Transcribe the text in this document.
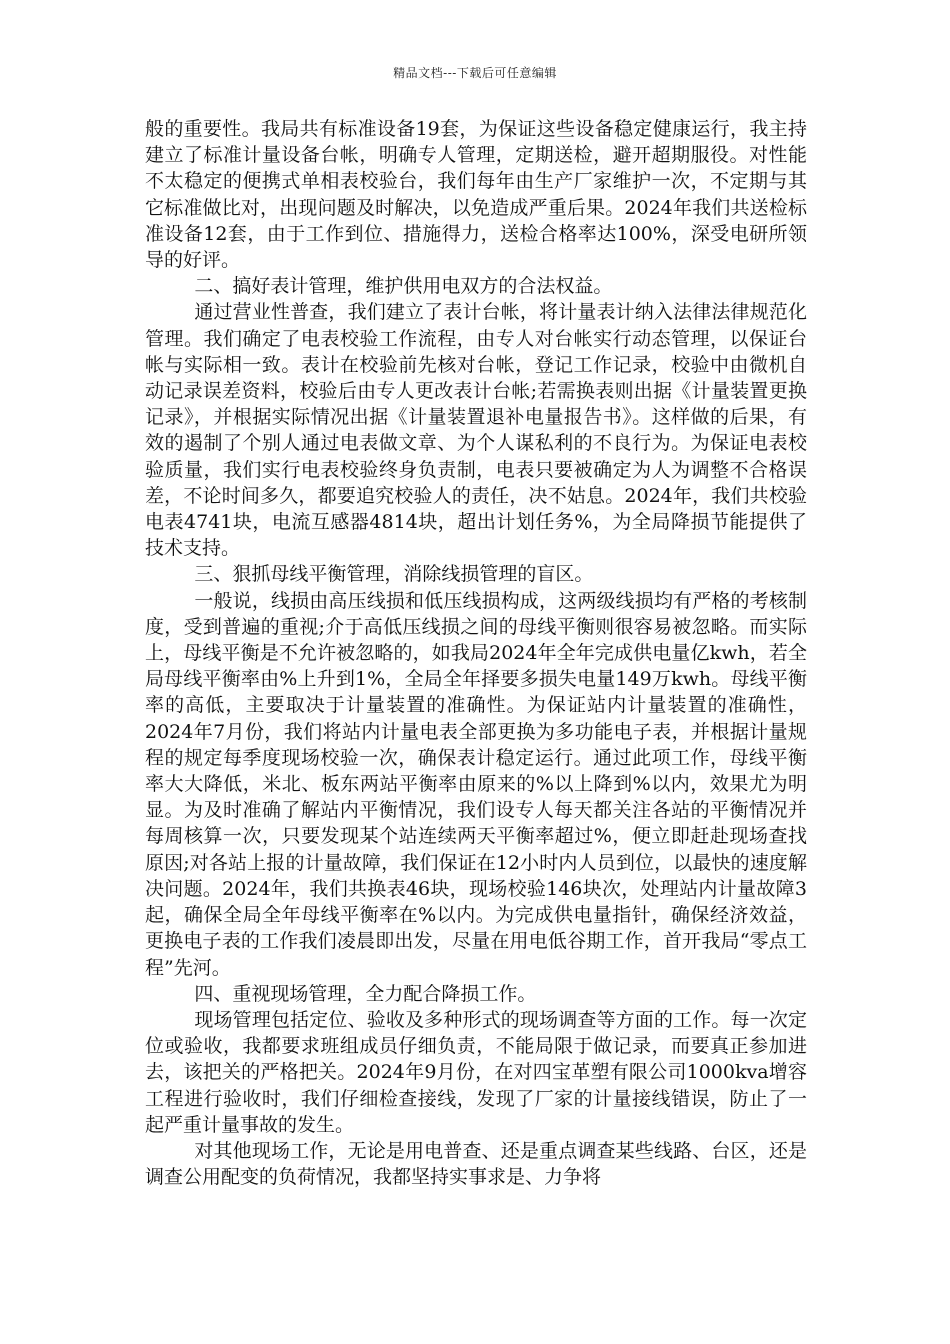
精品文档---下载后可任意编辑

般的重要性。我局共有标准设备19套，为保证这些设备稳定健康运行，我主持建立了标准计量设备台帐，明确专人管理，定期送检，避开超期服役。对性能不太稳定的便携式单相表校验台，我们每年由生产厂家维护一次，不定期与其它标准做比对，出现问题及时解决，以免造成严重后果。2024年我们共送检标准设备12套，由于工作到位、措施得力，送检合格率达100%，深受电研所领导的好评。

二、搞好表计管理，维护供用电双方的合法权益。

通过营业性普查，我们建立了表计台帐，将计量表计纳入法律法律规范化管理。我们确定了电表校验工作流程，由专人对台帐实行动态管理，以保证台帐与实际相一致。表计在校验前先核对台帐，登记工作记录，校验中由微机自动记录误差资料，校验后由专人更改表计台帐;若需换表则出据《计量装置更换记录》，并根据实际情况出据《计量装置退补电量报告书》。这样做的后果，有效的遏制了个别人通过电表做文章、为个人谋私利的不良行为。为保证电表校验质量，我们实行电表校验终身负责制，电表只要被确定为人为调整不合格误差，不论时间多久，都要追究校验人的责任，决不姑息。2024年，我们共校验电表4741块，电流互感器4814块，超出计划任务%，为全局降损节能提供了技术支持。

三、狠抓母线平衡管理，消除线损管理的盲区。

一般说，线损由高压线损和低压线损构成，这两级线损均有严格的考核制度，受到普遍的重视;介于高低压线损之间的母线平衡则很容易被忽略。而实际上，母线平衡是不允许被忽略的，如我局2024年全年完成供电量亿kwh，若全局母线平衡率由%上升到1%，全局全年择要多损失电量149万kwh。母线平衡率的高低，主要取决于计量装置的准确性。为保证站内计量装置的准确性，2024年7月份，我们将站内计量电表全部更换为多功能电子表，并根据计量规程的规定每季度现场校验一次，确保表计稳定运行。通过此项工作，母线平衡率大大降低，米北、板东两站平衡率由原来的%以上降到%以内，效果尤为明显。为及时准确了解站内平衡情况，我们设专人每天都关注各站的平衡情况并每周核算一次，只要发现某个站连续两天平衡率超过%，便立即赶赴现场查找原因;对各站上报的计量故障，我们保证在12小时内人员到位，以最快的速度解决问题。2024年，我们共换表46块，现场校验146块次，处理站内计量故障3起，确保全局全年母线平衡率在%以内。为完成供电量指针，确保经济效益，更换电子表的工作我们凌晨即出发，尽量在用电低谷期工作，首开我局“零点工程”先河。

四、重视现场管理，全力配合降损工作。

现场管理包括定位、验收及多种形式的现场调查等方面的工作。每一次定位或验收，我都要求班组成员仔细负责，不能局限于做记录，而要真正参加进去，该把关的严格把关。2024年9月份，在对四宝革塑有限公司1000kva增容工程进行验收时，我们仔细检查接线，发现了厂家的计量接线错误，防止了一起严重计量事故的发生。

对其他现场工作，无论是用电普查、还是重点调查某些线路、台区，还是调查公用配变的负荷情况，我都坚持实事求是、力争将
